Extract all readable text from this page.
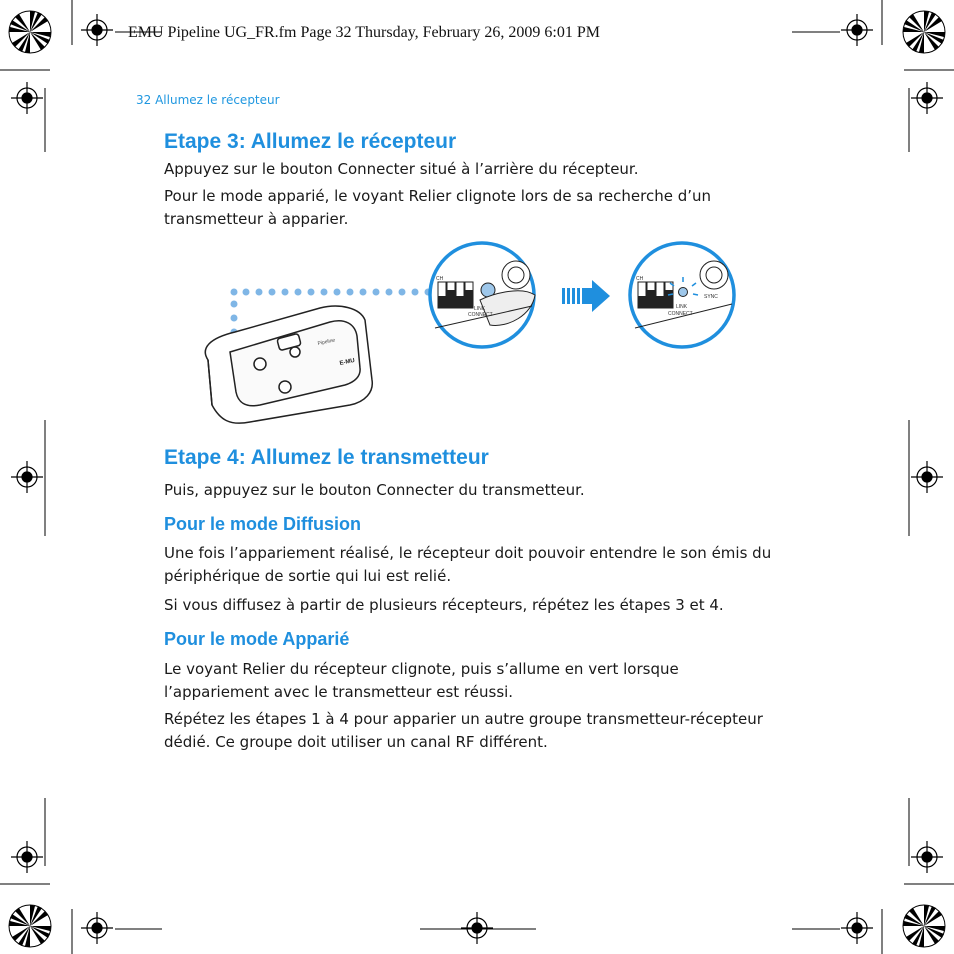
EMU Pipeline UG_FR.fm Page 32 Thursday, February 26, 2009 6:01 PM
32 Allumez le récepteur
Etape 3: Allumez le récepteur
Appuyez sur le bouton Connecter situé à l’arrière du récepteur.
Pour le mode apparié, le voyant Relier clignote lors de sa recherche d’un transmetteur à apparier.
E-MU
Pipeline
LINK
CONNECT
CH
LINK
CONNECT
SYNC
CH
Etape 4: Allumez le transmetteur
Puis, appuyez sur le bouton Connecter du transmetteur.
Pour le mode Diffusion
Une fois l’appariement réalisé, le récepteur doit pouvoir entendre le son émis du périphérique de sortie qui lui est relié.
Si vous diffusez à partir de plusieurs récepteurs, répétez les étapes 3 et 4.
Pour le mode Apparié
Le voyant Relier du récepteur clignote, puis s’allume en vert lorsque l’appariement avec le transmetteur est réussi.
Répétez les étapes 1 à 4 pour apparier un autre groupe transmetteur-récepteur dédié. Ce groupe doit utiliser un canal RF différent.
